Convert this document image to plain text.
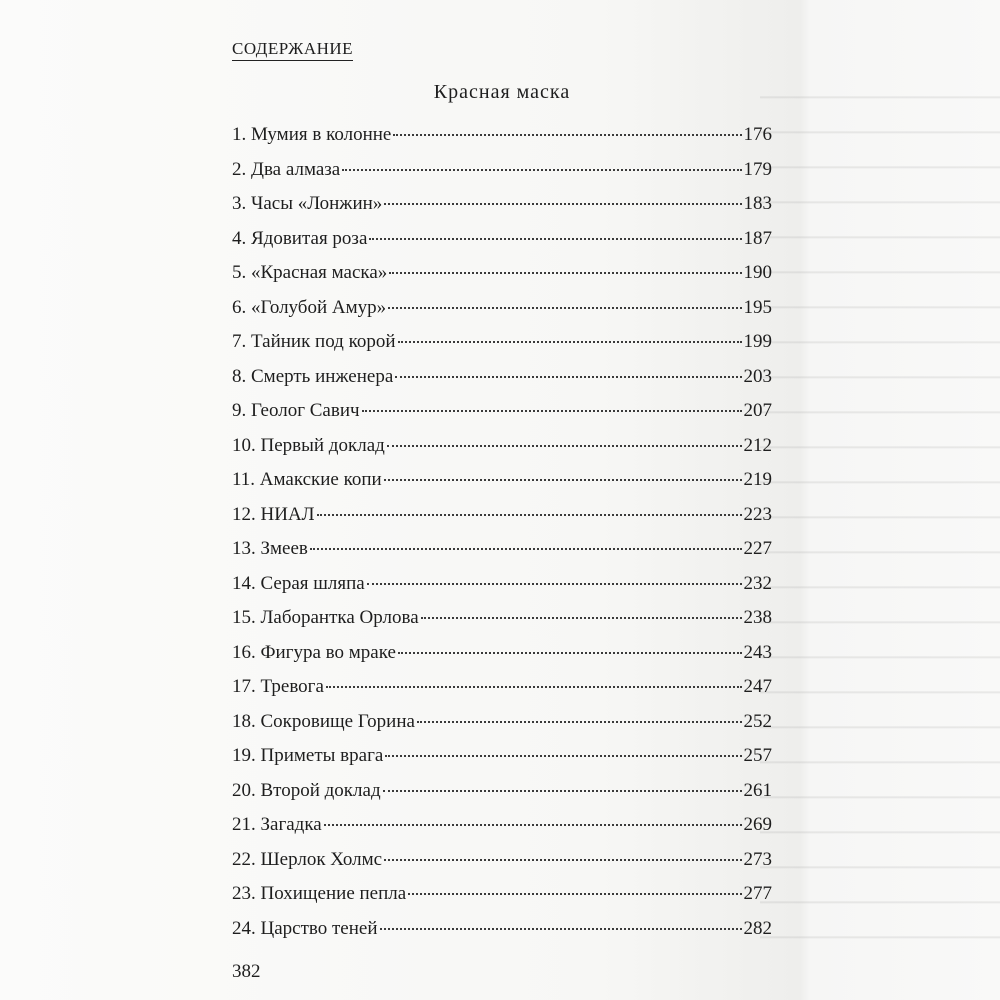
СОДЕРЖАНИЕ
Красная маска
1. Мумия в колонне	176
2. Два алмаза	179
3. Часы «Лонжин»	183
4. Ядовитая роза	187
5. «Красная маска»	190
6. «Голубой Амур»	195
7. Тайник под корой	199
8. Смерть инженера	203
9. Геолог Савич	207
10. Первый доклад	212
11. Амакские копи	219
12. НИАЛ	223
13. Змеев	227
14. Серая шляпа	232
15. Лаборантка Орлова	238
16. Фигура во мраке	243
17. Тревога	247
18. Сокровище Горина	252
19. Приметы врага	257
20. Второй доклад	261
21. Загадка	269
22. Шерлок Холмс	273
23. Похищение пепла	277
24. Царство теней	282
382
